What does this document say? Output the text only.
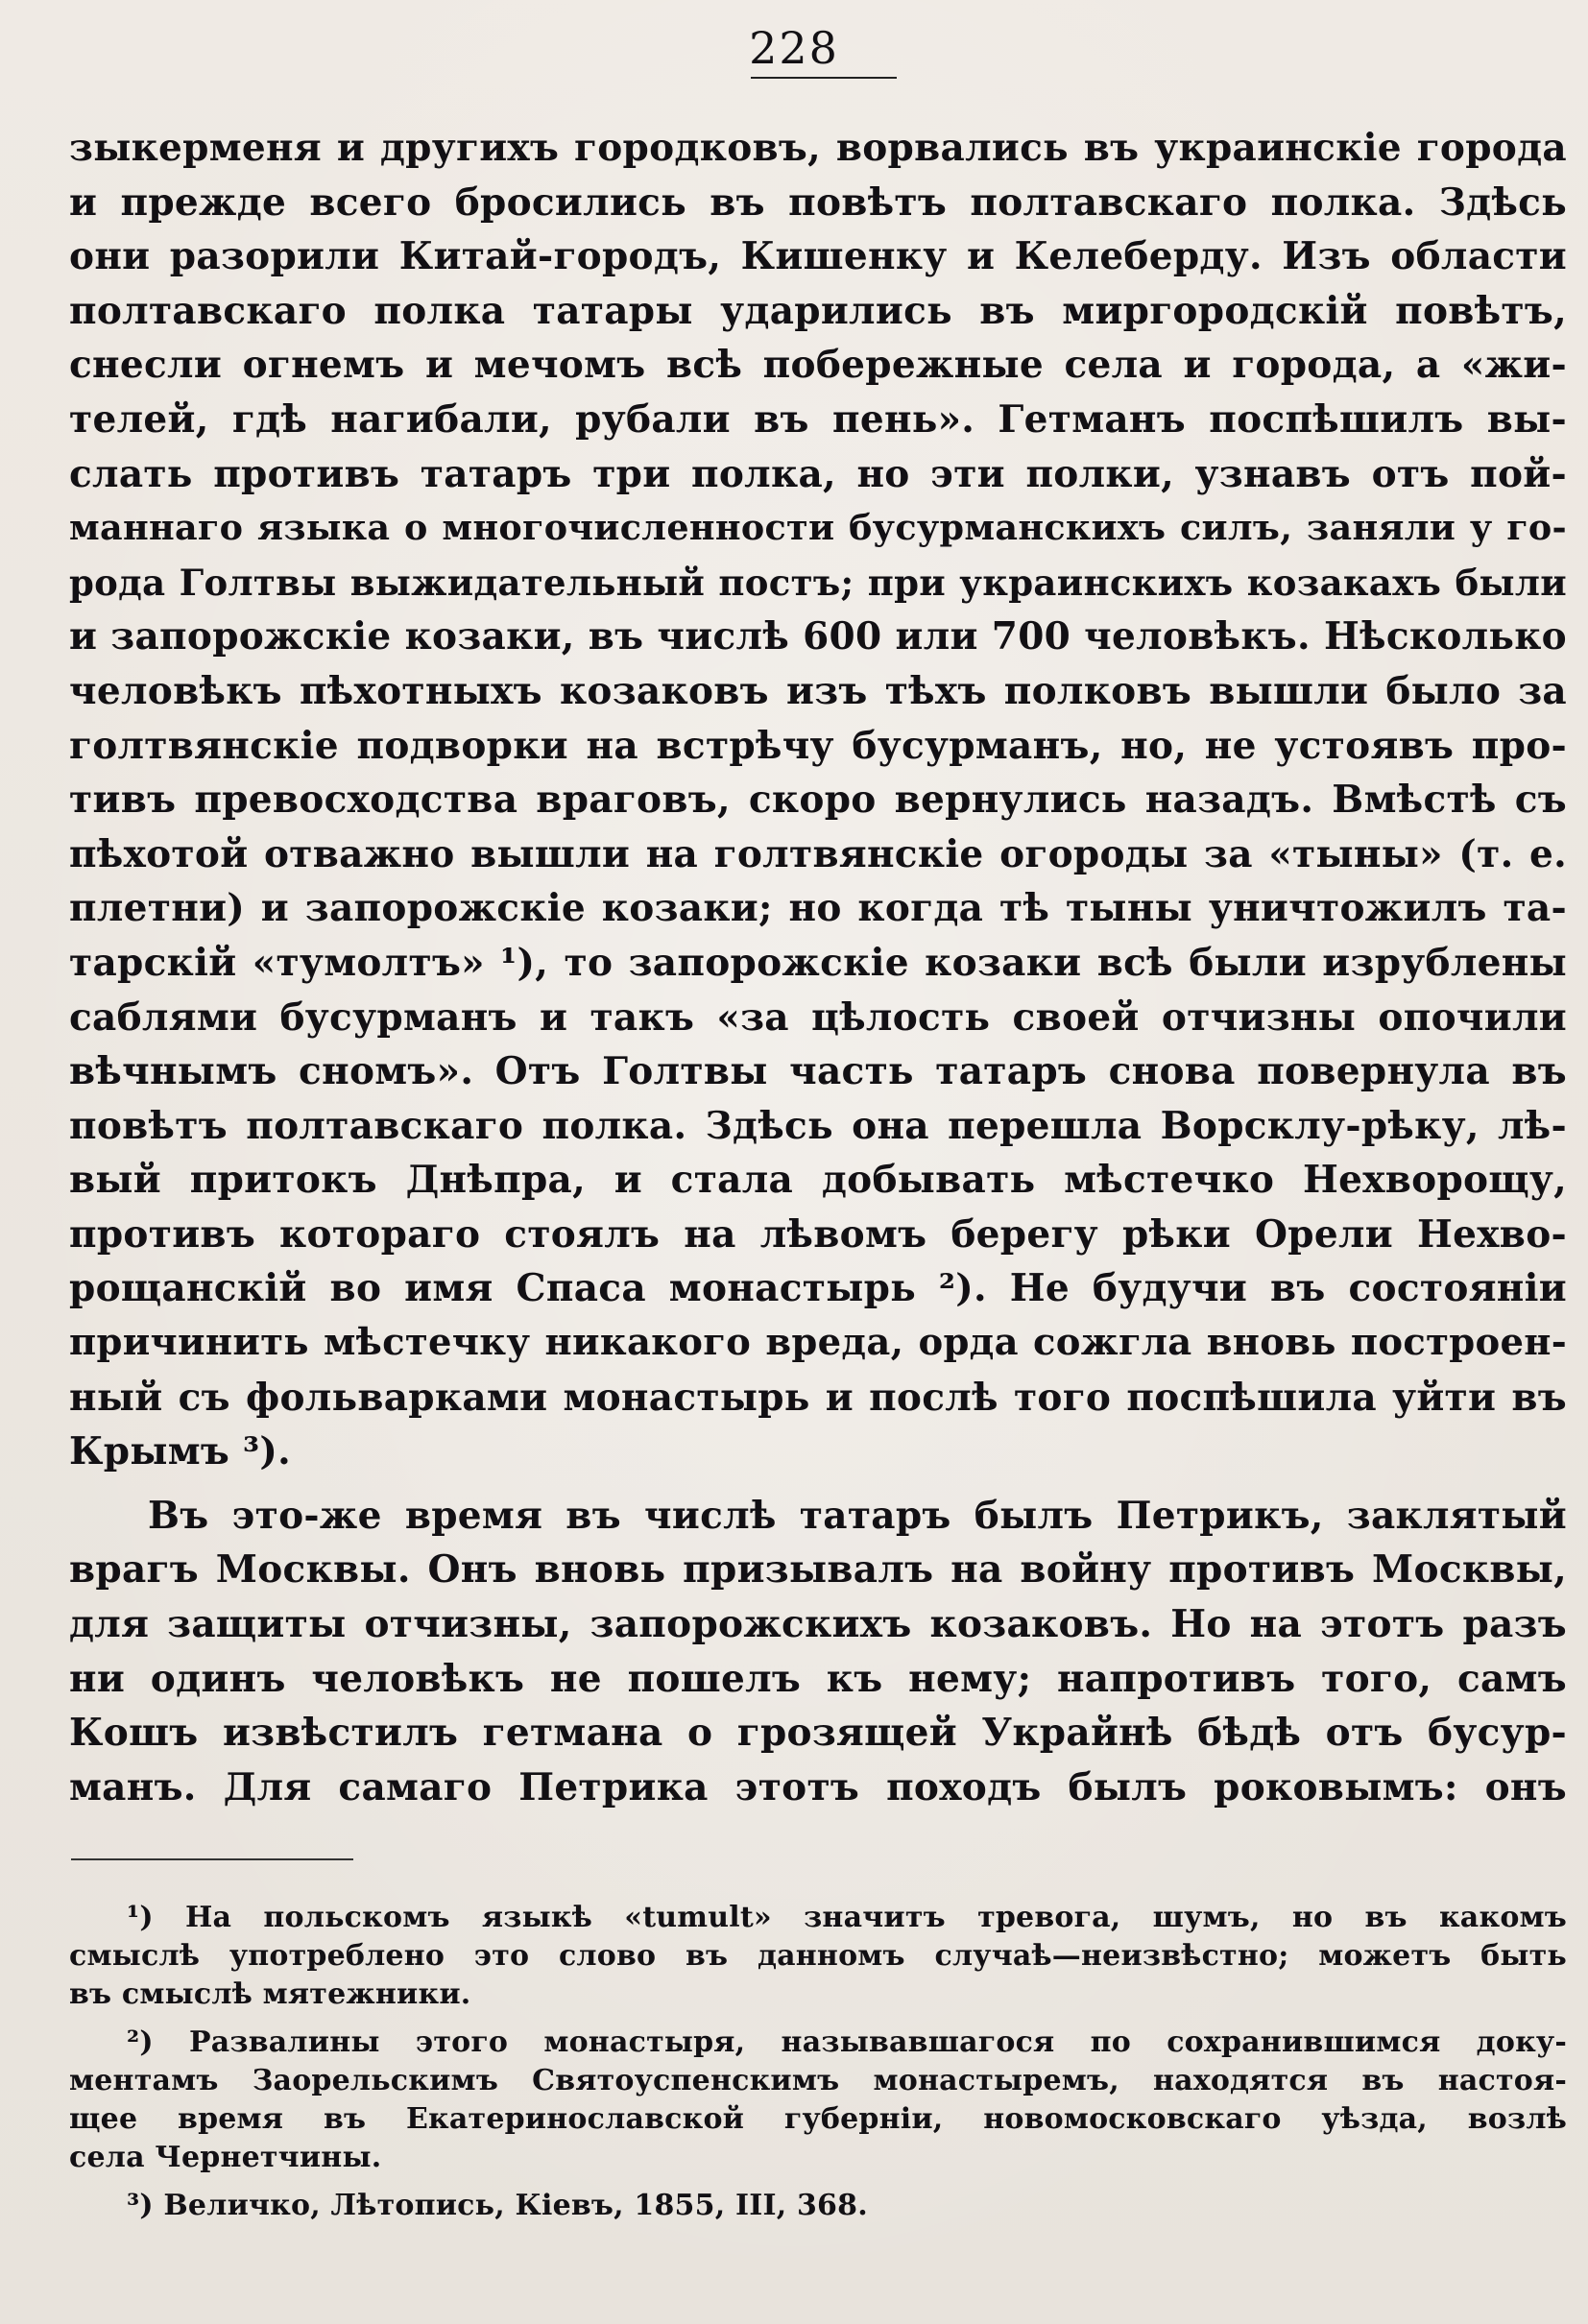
228
зыкерменя и другихъ городковъ, ворвались въ украинскіе города
и прежде всего бросились въ повѣтъ полтавскаго полка. Здѣсь
они разорили Китай-городъ, Кишенку и Келеберду. Изъ области
полтавскаго полка татары ударились въ миргородскій повѣтъ,
снесли огнемъ и мечомъ всѣ побережные села и города, а «жи-
телей, гдѣ нагибали, рубали въ пень». Гетманъ поспѣшилъ вы-
слать противъ татаръ три полка, но эти полки, узнавъ отъ пой-
маннаго языка о многочисленности бусурманскихъ силъ, заняли у го-
рода Голтвы выжидательный постъ; при украинскихъ козакахъ были
и запорожскіе козаки, въ числѣ 600 или 700 человѣкъ. Нѣсколько
человѣкъ пѣхотныхъ козаковъ изъ тѣхъ полковъ вышли было за
голтвянскіе подворки на встрѣчу бусурманъ, но, не устоявъ про-
тивъ превосходства враговъ, скоро вернулись назадъ. Вмѣстѣ съ
пѣхотой отважно вышли на голтвянскіе огороды за «тыны» (т. е.
плетни) и запорожскіе козаки; но когда тѣ тыны уничтожилъ та-
тарскій «тумолтъ» ¹), то запорожскіе козаки всѣ были изрублены
саблями бусурманъ и такъ «за цѣлость своей отчизны опочили
вѣчнымъ сномъ». Отъ Голтвы часть татаръ снова повернула въ
повѣтъ полтавскаго полка. Здѣсь она перешла Ворсклу-рѣку, лѣ-
вый притокъ Днѣпра, и стала добывать мѣстечко Нехворощу,
противъ котораго стоялъ на лѣвомъ берегу рѣки Орели Нехво-
рощанскій во имя Спаса монастырь ²). Не будучи въ состояніи
причинить мѣстечку никакого вреда, орда сожгла вновь построен-
ный съ фольварками монастырь и послѣ того поспѣшила уйти въ
Крымъ ³).
Въ это-же время въ числѣ татаръ былъ Петрикъ, заклятый
врагъ Москвы. Онъ вновь призывалъ на войну противъ Москвы,
для защиты отчизны, запорожскихъ козаковъ. Но на этотъ разъ
ни одинъ человѣкъ не пошелъ къ нему; напротивъ того, самъ
Кошъ извѣстилъ гетмана о грозящей Украйнѣ бѣдѣ отъ бусур-
манъ. Для самаго Петрика этотъ походъ былъ роковымъ: онъ
¹) На польскомъ языкѣ «tumult» значитъ тревога, шумъ, но въ какомъ
смыслѣ употреблено это слово въ данномъ случаѣ—неизвѣстно; можетъ быть
въ смыслѣ мятежники.
²) Развалины этого монастыря, называвшагося по сохранившимся доку-
ментамъ Заорельскимъ Святоуспенскимъ монастыремъ, находятся въ настоя-
щее время въ Екатеринославской губерніи, новомосковскаго уѣзда, возлѣ
села Чернетчины.
³) Величко, Лѣтопись, Кіевъ, 1855, III, 368.
